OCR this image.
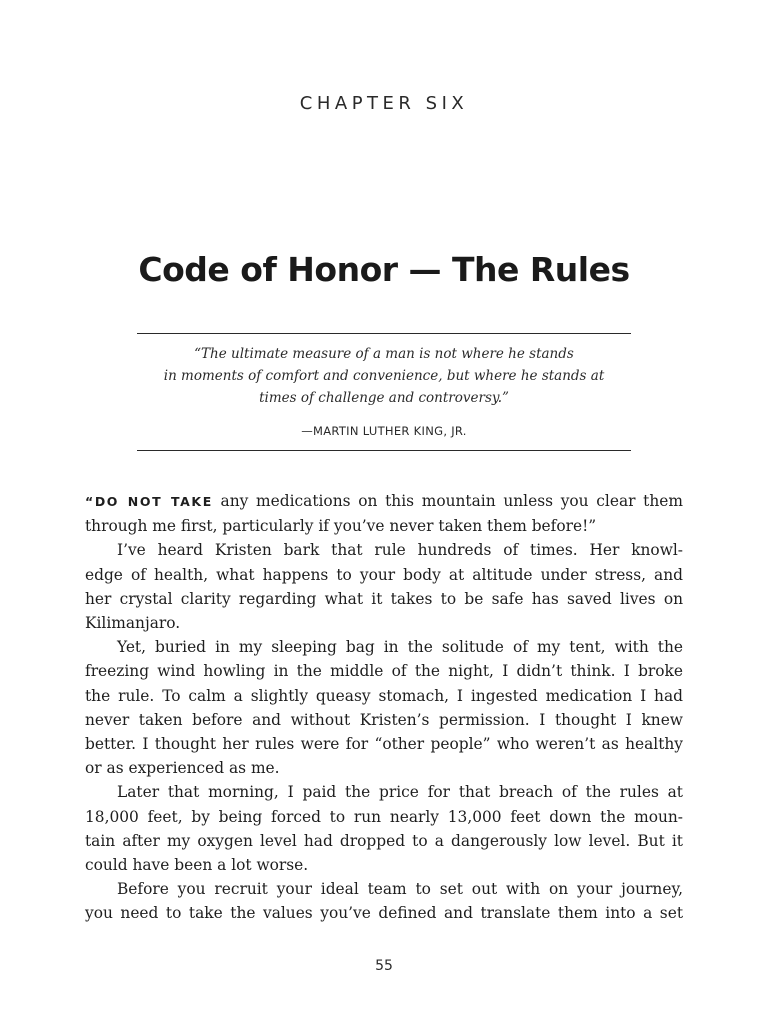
CHAPTER SIX
Code of Honor — The Rules
“The ultimate measure of a man is not where he stands
in moments of comfort and convenience, but where he stands at
times of challenge and controversy.”
—MARTIN LUTHER KING, JR.
“DO NOT TAKE any medications on this mountain unless you clear them
through me first, particularly if you’ve never taken them before!”
I’ve heard Kristen bark that rule hundreds of times. Her knowl-
edge of health, what happens to your body at altitude under stress, and
her crystal clarity regarding what it takes to be safe has saved lives on
Kilimanjaro.
Yet, buried in my sleeping bag in the solitude of my tent, with the
freezing wind howling in the middle of the night, I didn’t think. I broke
the rule. To calm a slightly queasy stomach, I ingested medication I had
never taken before and without Kristen’s permission. I thought I knew
better. I thought her rules were for “other people” who weren’t as healthy
or as experienced as me.
Later that morning, I paid the price for that breach of the rules at
18,000 feet, by being forced to run nearly 13,000 feet down the moun-
tain after my oxygen level had dropped to a dangerously low level. But it
could have been a lot worse.
Before you recruit your ideal team to set out with on your journey,
you need to take the values you’ve defined and translate them into a set
55
